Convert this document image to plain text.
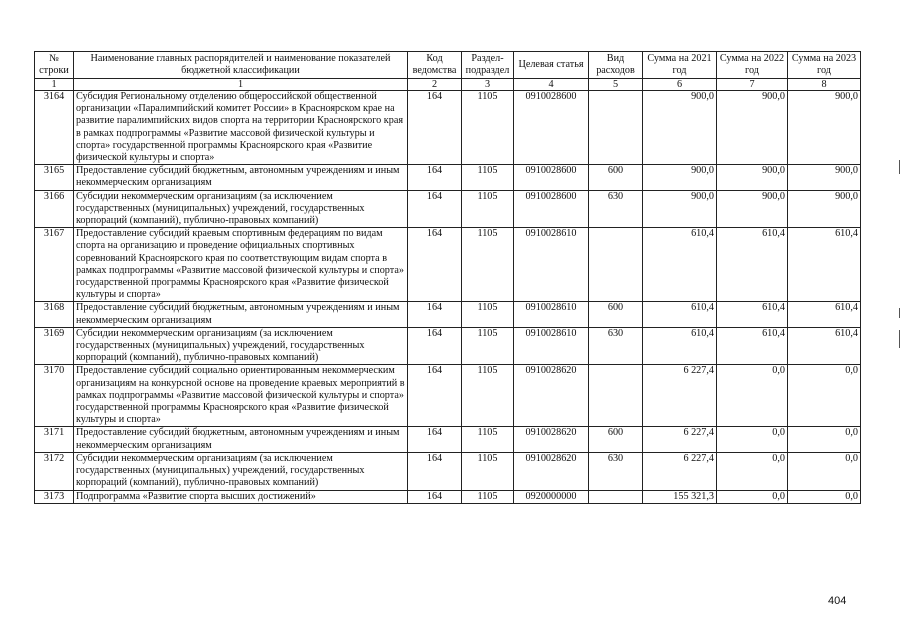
№ строки	Наименование главных распорядителей и наименование показателей бюджетной классификации	Код ведомства	Раздел- подраздел	Целевая статья	Вид расходов	Сумма на 2021 год	Сумма на 2022 год	Сумма на 2023 год
1	1	2	3	4	5	6	7	8
3164	Субсидия Региональному отделению общероссийской общественной организации «Паралимпийский комитет России» в Красноярском крае на развитие паралимпийских видов спорта на территории Красноярского края в рамках подпрограммы «Развитие массовой физической культуры и спорта» государственной программы Красноярского края «Развитие физической культуры и спорта»	164	1105	0910028600		900,0	900,0	900,0
3165	Предоставление субсидий бюджетным, автономным учреждениям и иным некоммерческим организациям	164	1105	0910028600	600	900,0	900,0	900,0
3166	Субсидии некоммерческим организациям (за исключением государственных (муниципальных) учреждений, государственных корпораций (компаний), публично-правовых компаний)	164	1105	0910028600	630	900,0	900,0	900,0
3167	Предоставление субсидий краевым спортивным федерациям по видам спорта на организацию и проведение официальных спортивных соревнований Красноярского края по соответствующим видам спорта в рамках подпрограммы «Развитие массовой физической культуры и спорта» государственной программы Красноярского края «Развитие физической культуры и спорта»	164	1105	0910028610		610,4	610,4	610,4
3168	Предоставление субсидий бюджетным, автономным учреждениям и иным некоммерческим организациям	164	1105	0910028610	600	610,4	610,4	610,4
3169	Субсидии некоммерческим организациям (за исключением государственных (муниципальных) учреждений, государственных корпораций (компаний), публично-правовых компаний)	164	1105	0910028610	630	610,4	610,4	610,4
3170	Предоставление субсидий социально ориентированным некоммерческим организациям на конкурсной основе на проведение краевых мероприятий в рамках подпрограммы «Развитие массовой физической культуры и спорта» государственной программы Красноярского края «Развитие физической культуры и спорта»	164	1105	0910028620		6 227,4	0,0	0,0
3171	Предоставление субсидий бюджетным, автономным учреждениям и иным некоммерческим организациям	164	1105	0910028620	600	6 227,4	0,0	0,0
3172	Субсидии некоммерческим организациям (за исключением государственных (муниципальных) учреждений, государственных корпораций (компаний), публично-правовых компаний)	164	1105	0910028620	630	6 227,4	0,0	0,0
3173	Подпрограмма «Развитие спорта высших достижений»	164	1105	0920000000		155 321,3	0,0	0,0
404
